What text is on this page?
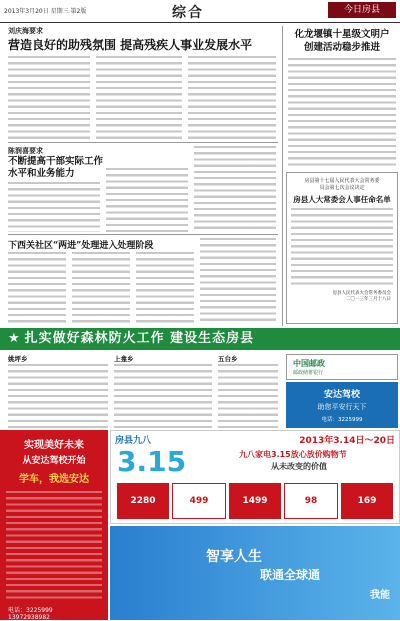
2013年3月20日 星期三 第2版	综合	今日房县
刘庆海要求
营造良好的助残氛围 提高残疾人事业发展水平
陈润喜要求
不断提高干部实际工作水平和业务能力
下西关社区“两进”处理进入处理阶段
化龙堰镇十星级文明户
创建活动稳步推进
房县第十七届人民代表大会常务委
员会第七次会议决定
房县人大常委会人事任命名单
房县人民代表大会常务委员会
二〇一三年三月十八日
★ 扎实做好森林防火工作 建设生态房县
姚坪乡	上龛乡	五台乡	中国邮政
邮政储蓄银行
安达驾校
助您平安行天下
电话：3225999
实现美好未来
从安达驾校开始
学车，我选安达
电话：3225999
13972938982
房县九八	2013年3.14日～20日
3.15	九八家电3.15放心放价购物节
从未改变的价值
2280	499	1499	98	169
智享人生
联通全球通
我能
